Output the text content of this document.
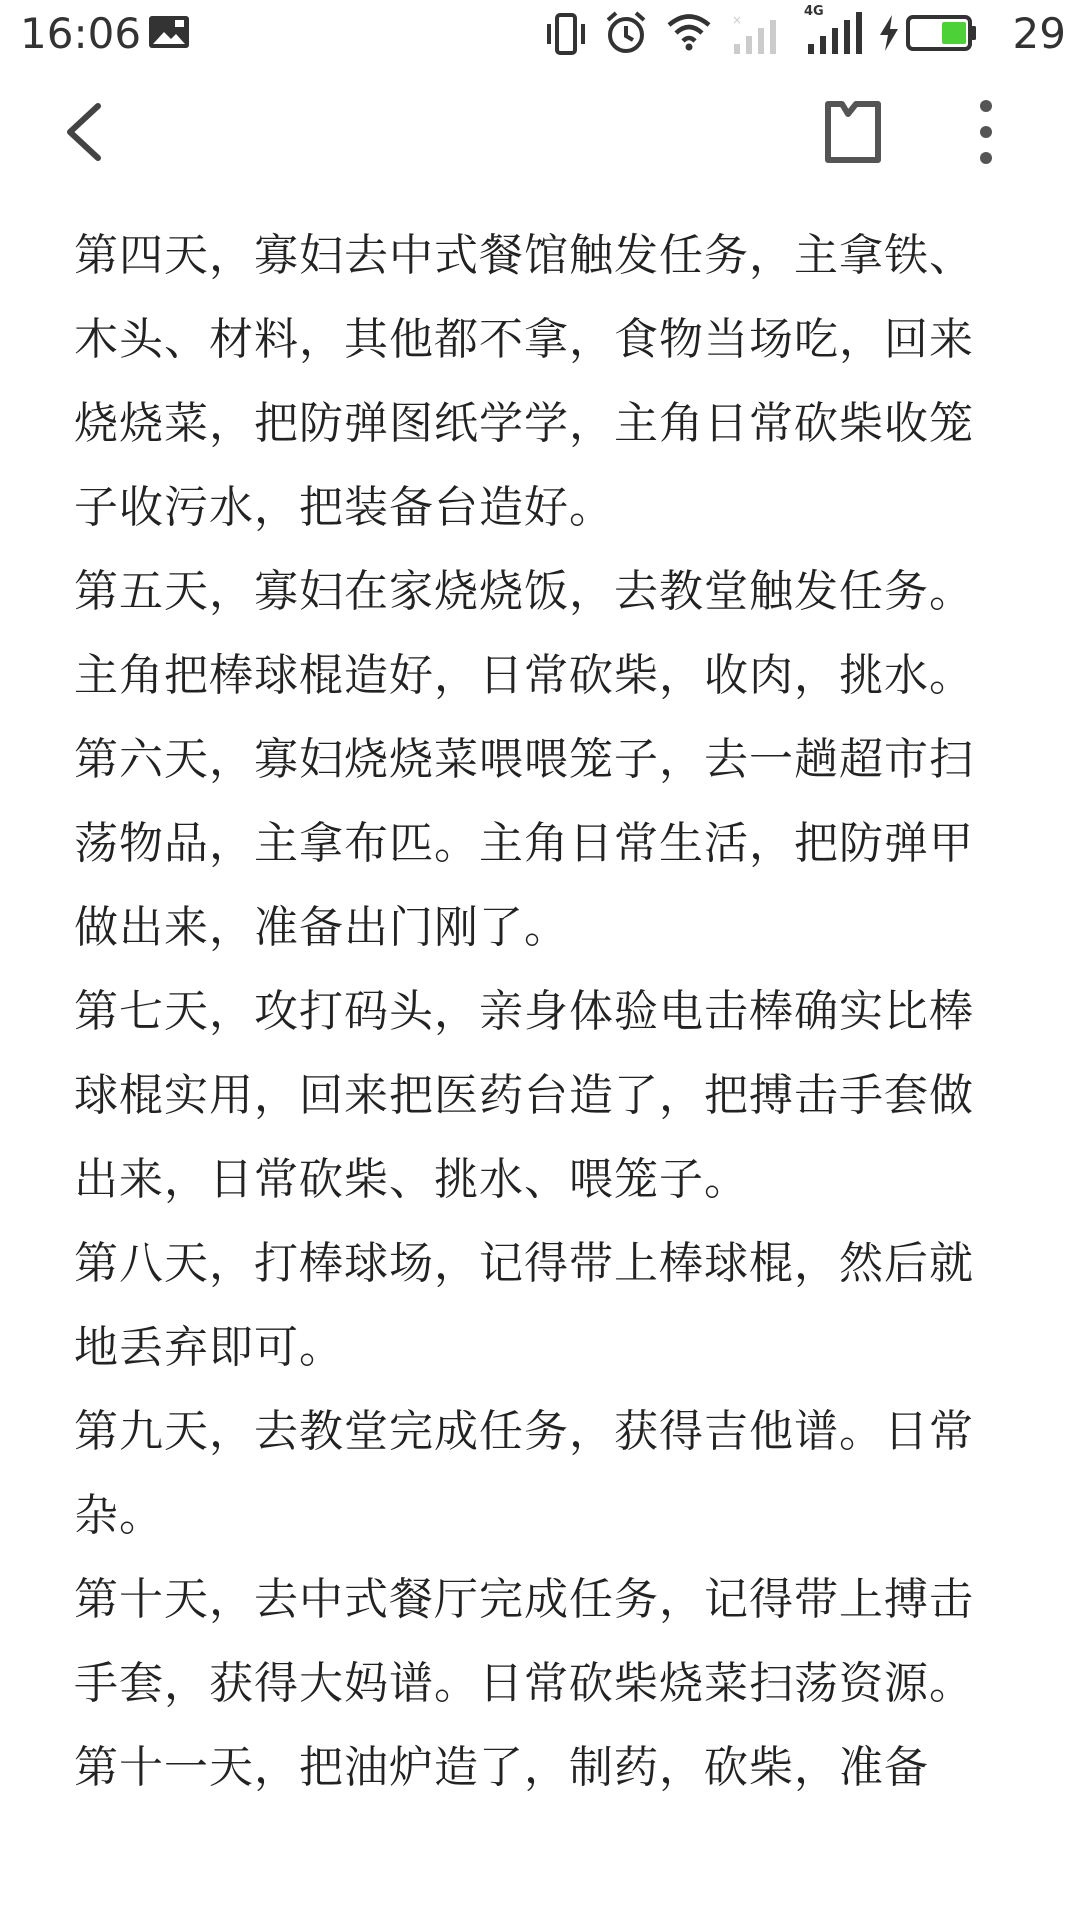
16:06	×
4G	29

第四天，寡妇去中式餐馆触发任务，主拿铁、木头、材料，其他都不拿，食物当场吃，回来烧烧菜，把防弹图纸学学，主角日常砍柴收笼子收污水，把装备台造好。

第五天，寡妇在家烧烧饭，去教堂触发任务。主角把棒球棍造好，日常砍柴，收肉，挑水。

第六天，寡妇烧烧菜喂喂笼子，去一趟超市扫荡物品，主拿布匹。主角日常生活，把防弹甲做出来，准备出门刚了。

第七天，攻打码头，亲身体验电击棒确实比棒球棍实用，回来把医药台造了，把搏击手套做出来，日常砍柴、挑水、喂笼子。

第八天，打棒球场，记得带上棒球棍，然后就地丢弃即可。

第九天，去教堂完成任务，获得吉他谱。日常杂。

第十天，去中式餐厅完成任务，记得带上搏击手套，获得大妈谱。日常砍柴烧菜扫荡资源。

第十一天，把油炉造了，制药，砍柴，准备
